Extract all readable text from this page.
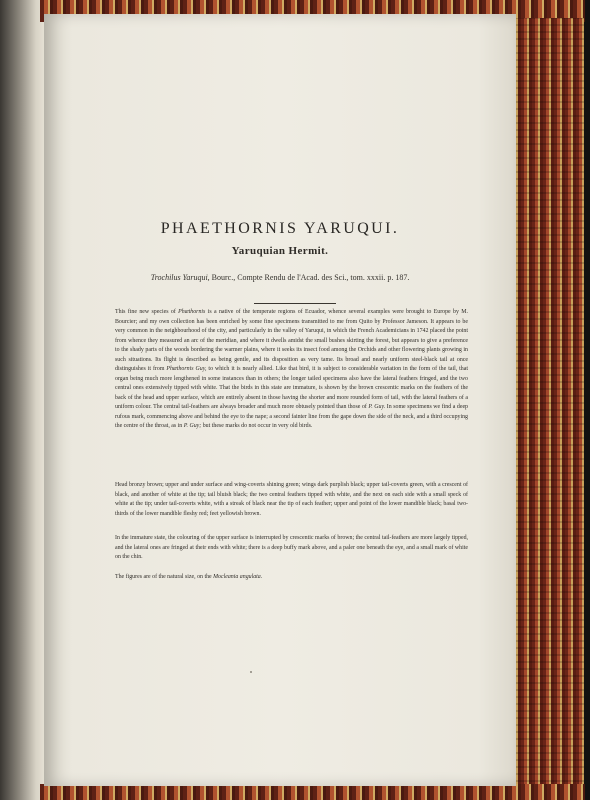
PHAETHORNIS YARUQUI.
Yaruquian Hermit.
Trochilus Yaruqui, Bourc., Compte Rendu de l'Acad. des Sci., tom. xxxii. p. 187.
This fine new species of Phæthornis is a native of the temperate regions of Ecuador, whence several examples were brought to Europe by M. Bourcier; and my own collection has been enriched by some fine specimens transmitted to me from Quito by Professor Jameson. It appears to be very common in the neighbourhood of the city, and particularly in the valley of Yaruqui, in which the French Academicians in 1742 placed the point from whence they measured an arc of the meridian, and where it dwells amidst the small bushes skirting the forest, but appears to give a preference to the shady parts of the woods bordering the warmer plains, where it seeks its insect food among the Orchids and other flowering plants growing in such situations. Its flight is described as being gentle, and its disposition as very tame. Its broad and nearly uniform steel-black tail at once distinguishes it from Phæthornis Guy, to which it is nearly allied. Like that bird, it is subject to considerable variation in the form of the tail, that organ being much more lengthened in some instances than in others; the longer tailed specimens also have the lateral feathers fringed, and the two central ones extensively tipped with white. That the birds in this state are immature, is shown by the brown crescentic marks on the feathers of the back of the head and upper surface, which are entirely absent in those having the shorter and more rounded form of tail, with the lateral feathers of a uniform colour. The central tail-feathers are always broader and much more obtusely pointed than those of P. Guy. In some specimens we find a deep rufous mark, commencing above and behind the eye to the nape; a second fainter line from the gape down the side of the neck, and a third occupying the centre of the throat, as in P. Guy; but these marks do not occur in very old birds.
Head bronzy brown; upper and under surface and wing-coverts shining green; wings dark purplish black; upper tail-coverts green, with a crescent of black, and another of white at the tip; tail bluish black; the two central feathers tipped with white, and the next on each side with a small speck of white at the tip; under tail-coverts white, with a streak of black near the tip of each feather; upper and point of the lower mandible black; basal two-thirds of the lower mandible fleshy red; feet yellowish brown.
In the immature state, the colouring of the upper surface is interrupted by crescentic marks of brown; the central tail-feathers are more largely tipped, and the lateral ones are fringed at their ends with white; there is a deep buffy mark above, and a paler one beneath the eye, and a small mark of white on the chin.
The figures are of the natural size, on the Mocleania angulata.
